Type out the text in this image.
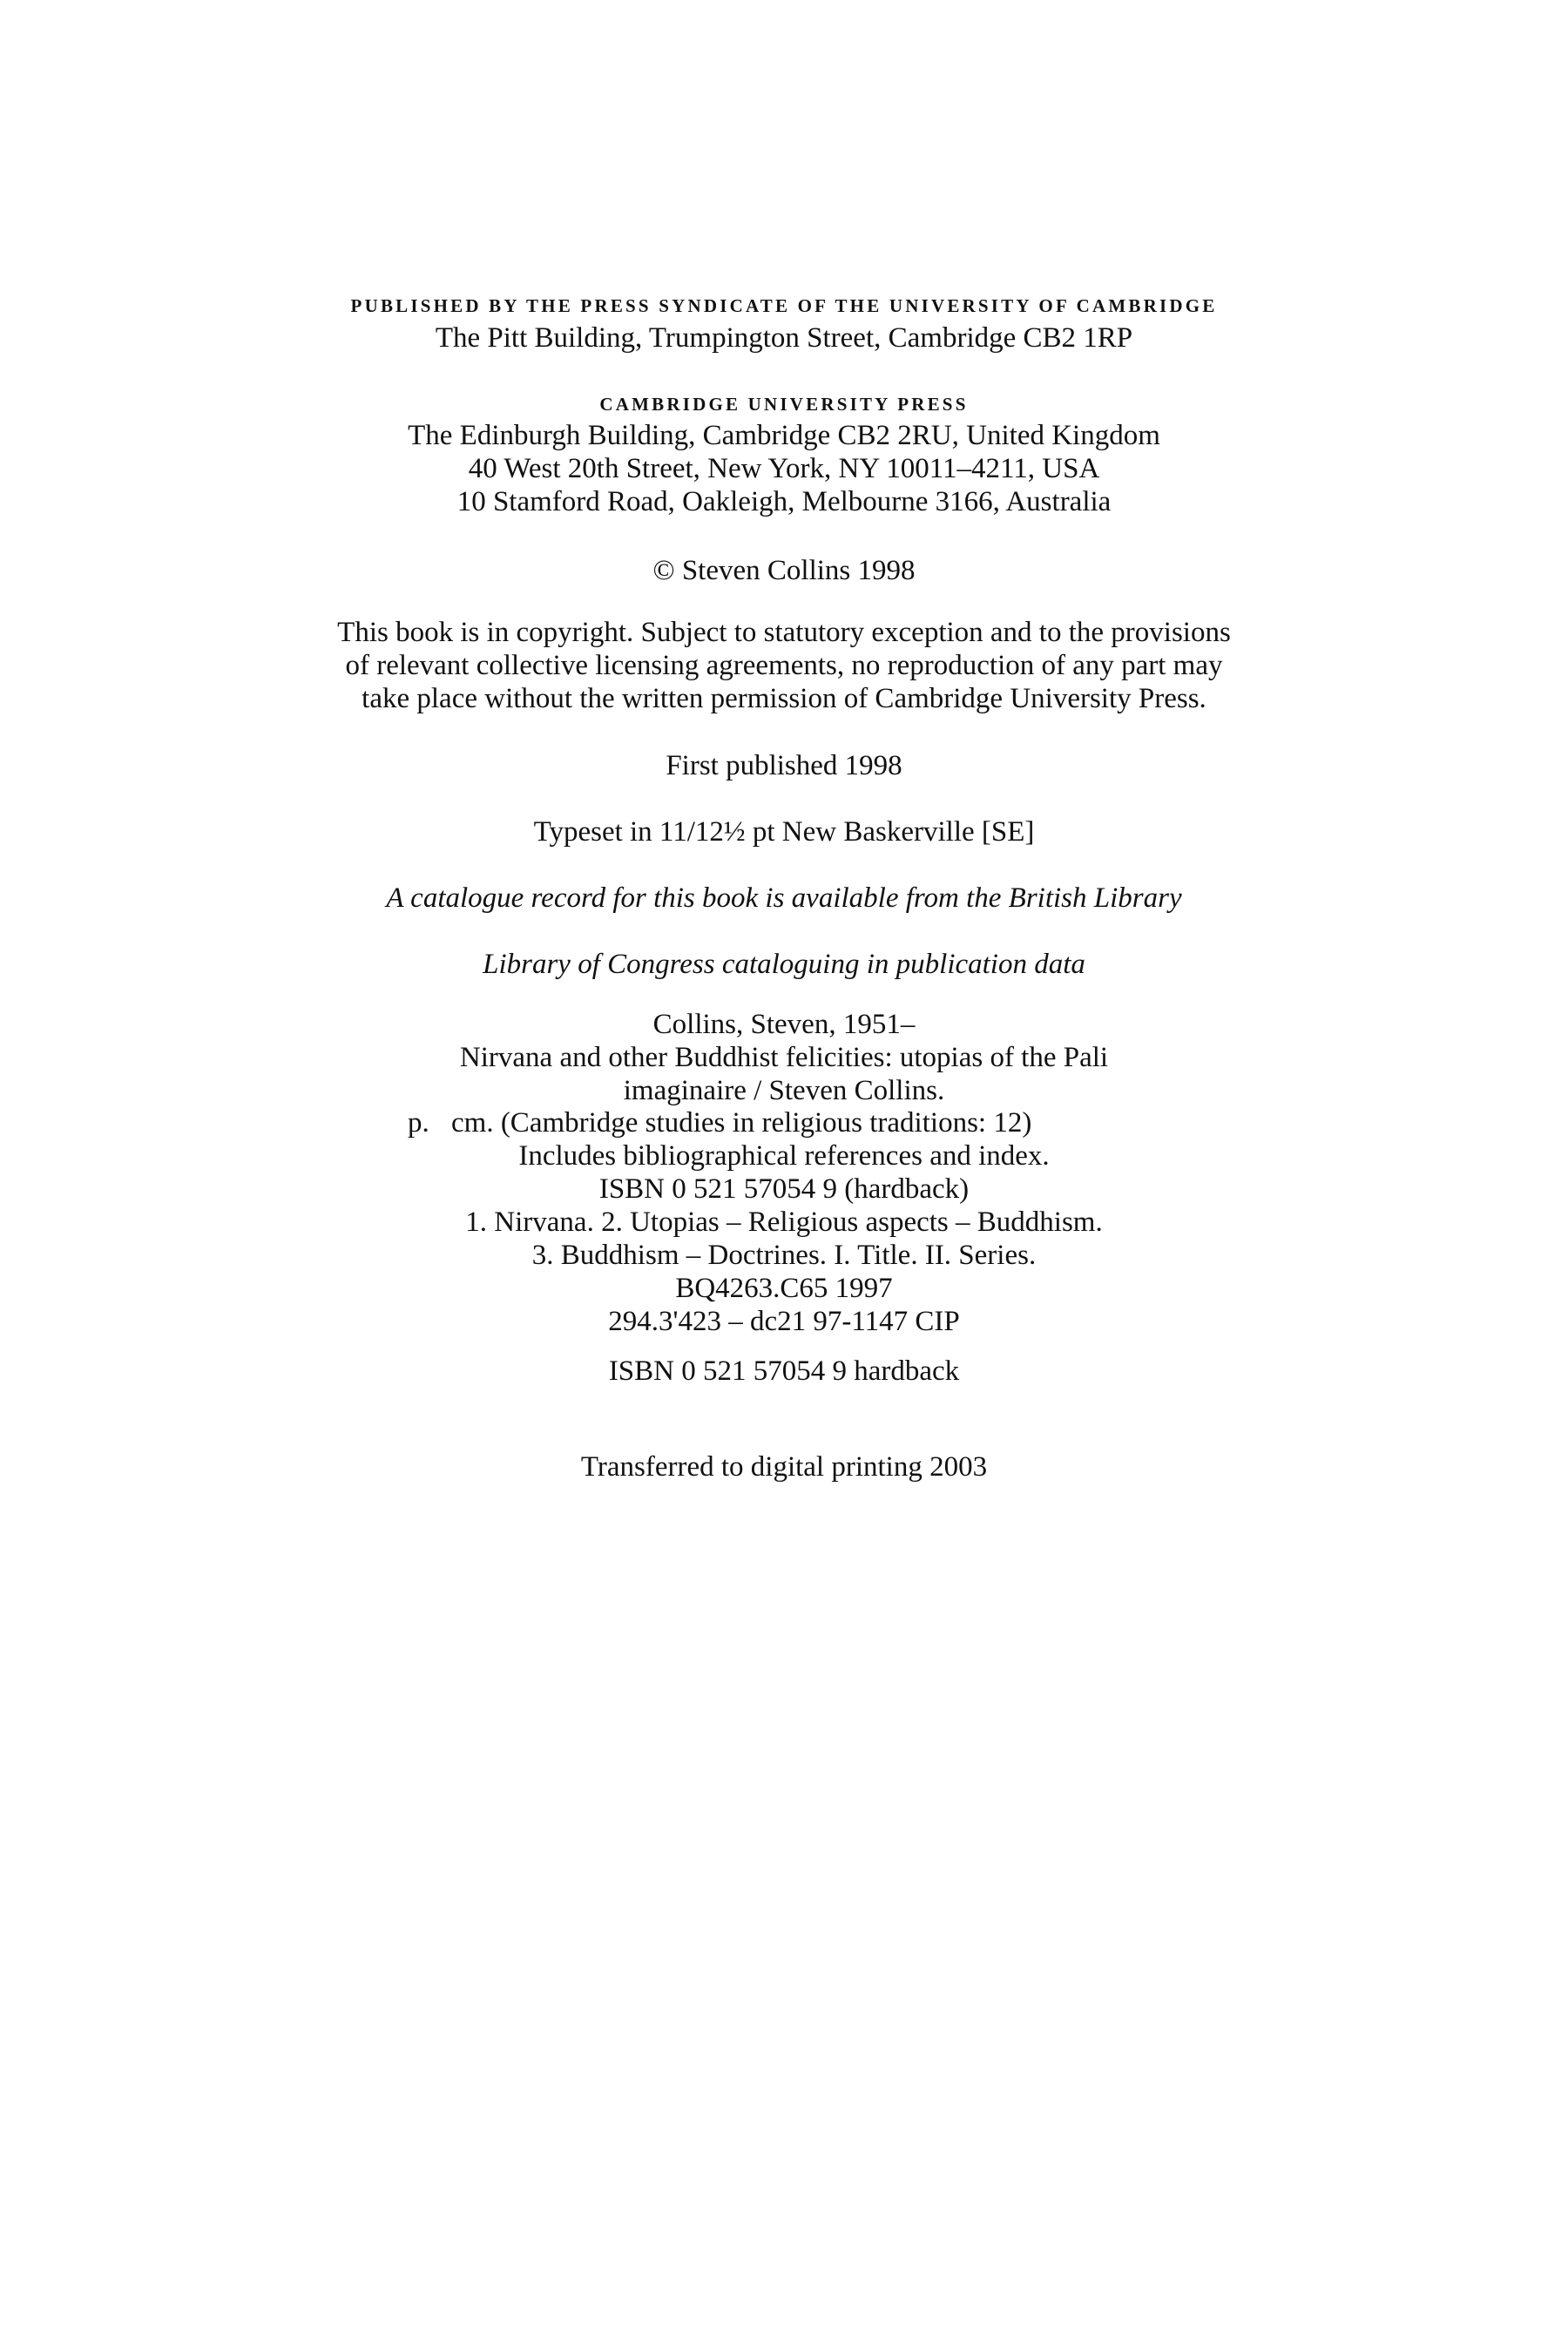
PUBLISHED BY THE PRESS SYNDICATE OF THE UNIVERSITY OF CAMBRIDGE
The Pitt Building, Trumpington Street, Cambridge CB2 1RP
CAMBRIDGE UNIVERSITY PRESS
The Edinburgh Building, Cambridge CB2 2RU, United Kingdom
40 West 20th Street, New York, NY 10011–4211, USA
10 Stamford Road, Oakleigh, Melbourne 3166, Australia
© Steven Collins 1998
This book is in copyright. Subject to statutory exception and to the provisions
of relevant collective licensing agreements, no reproduction of any part may
take place without the written permission of Cambridge University Press.
First published 1998
Typeset in 11/12½ pt New Baskerville [SE]
A catalogue record for this book is available from the British Library
Library of Congress cataloguing in publication data
Collins, Steven, 1951–
Nirvana and other Buddhist felicities: utopias of the Pali
imaginaire / Steven Collins.
p. cm. (Cambridge studies in religious traditions: 12)
Includes bibliographical references and index.
ISBN 0 521 57054 9 (hardback)
1. Nirvana. 2. Utopias – Religious aspects – Buddhism.
3. Buddhism – Doctrines. I. Title. II. Series.
BQ4263.C65 1997
294.3'423 – dc21 97-1147 CIP
ISBN 0 521 57054 9 hardback
Transferred to digital printing 2003
